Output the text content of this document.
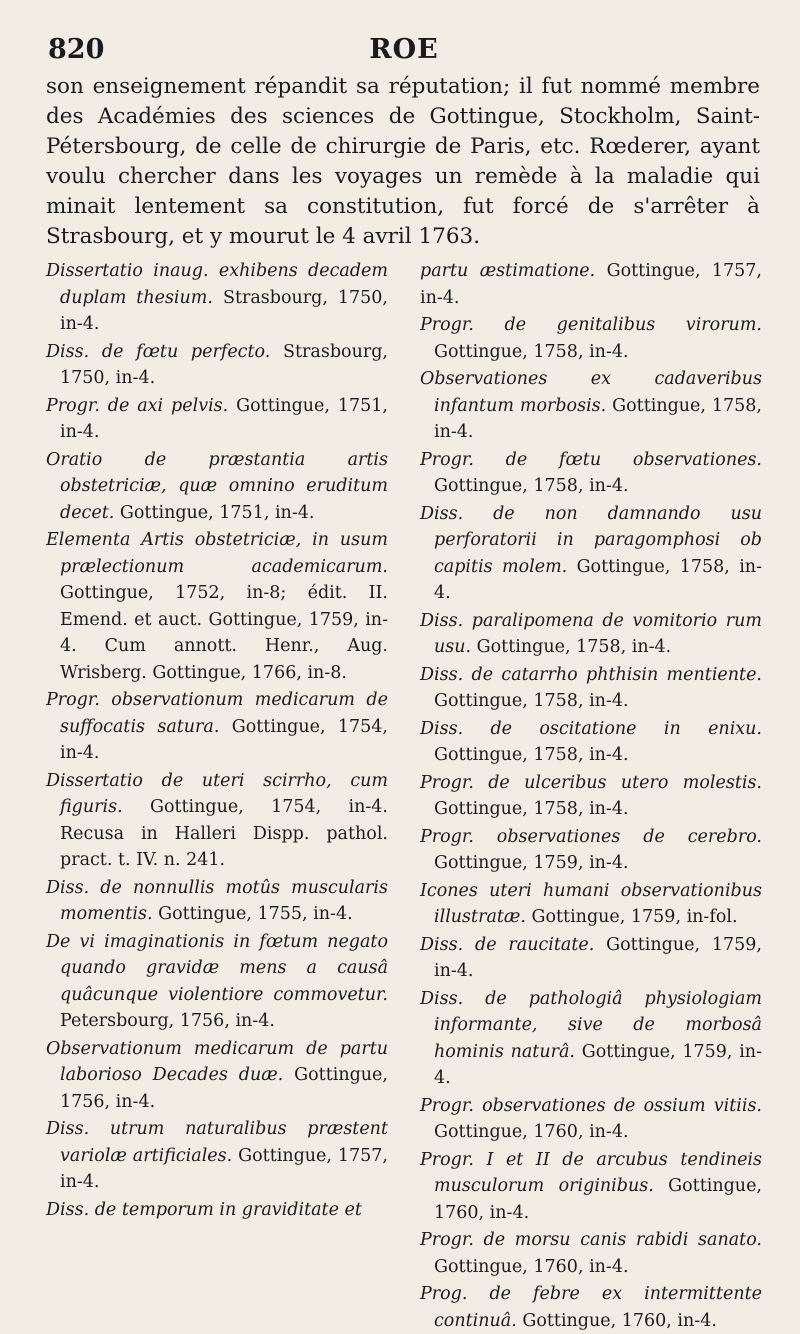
820	ROE

son enseignement répandit sa réputation; il fut nommé membre des Académies des sciences de Gottingue, Stockholm, Saint-Pétersbourg, de celle de chirurgie de Paris, etc. Rœderer, ayant voulu chercher dans les voyages un remède à la maladie qui minait lentement sa constitution, fut forcé de s'arrêter à Strasbourg, et y mourut le 4 avril 1763.

Dissertatio inaug. exhibens decadem duplam thesium. Strasbourg, 1750, in-4.

Diss. de fœtu perfecto. Strasbourg, 1750, in-4.

Progr. de axi pelvis. Gottingue, 1751, in-4.

Oratio de præstantia artis obstetriciæ, quæ omnino eruditum decet. Gottingue, 1751, in-4.

Elementa Artis obstetriciæ, in usum prælectionum academicarum. Gottingue, 1752, in-8; édit. II. Emend. et auct. Gottingue, 1759, in-4. Cum annott. Henr., Aug. Wrisberg. Gottingue, 1766, in-8.

Progr. observationum medicarum de suffocatis satura. Gottingue, 1754, in-4.

Dissertatio de uteri scirrho, cum figuris. Gottingue, 1754, in-4. Recusa in Halleri Dispp. pathol. pract. t. IV. n. 241.

Diss. de nonnullis motûs muscularis momentis. Gottingue, 1755, in-4.

De vi imaginationis in fœtum negato quando gravidæ mens a causâ quâcunque violentiore commovetur. Petersbourg, 1756, in-4.

Observationum medicarum de partu laborioso Decades duæ. Gottingue, 1756, in-4.

Diss. utrum naturalibus præstent variolæ artificiales. Gottingue, 1757, in-4.

Diss. de temporum in graviditate et

partu æstimatione. Gottingue, 1757, in-4.

Progr. de genitalibus virorum. Gottingue, 1758, in-4.

Observationes ex cadaveribus infantum morbosis. Gottingue, 1758, in-4.

Progr. de fœtu observationes. Gottingue, 1758, in-4.

Diss. de non damnando usu perforatorii in paragomphosi ob capitis molem. Gottingue, 1758, in-4.

Diss. paralipomena de vomitorio rum usu. Gottingue, 1758, in-4.

Diss. de catarrho phthisin mentiente. Gottingue, 1758, in-4.

Diss. de oscitatione in enixu. Gottingue, 1758, in-4.

Progr. de ulceribus utero molestis. Gottingue, 1758, in-4.

Progr. observationes de cerebro. Gottingue, 1759, in-4.

Icones uteri humani observationibus illustratæ. Gottingue, 1759, in-fol.

Diss. de raucitate. Gottingue, 1759, in-4.

Diss. de pathologiâ physiologiam informante, sive de morbosâ hominis naturâ. Gottingue, 1759, in-4.

Progr. observationes de ossium vitiis. Gottingue, 1760, in-4.

Progr. I et II de arcubus tendineis musculorum originibus. Gottingue, 1760, in-4.

Progr. de morsu canis rabidi sanato. Gottingue, 1760, in-4.

Prog. de febre ex intermittente continuâ. Gottingue, 1760, in-4.
